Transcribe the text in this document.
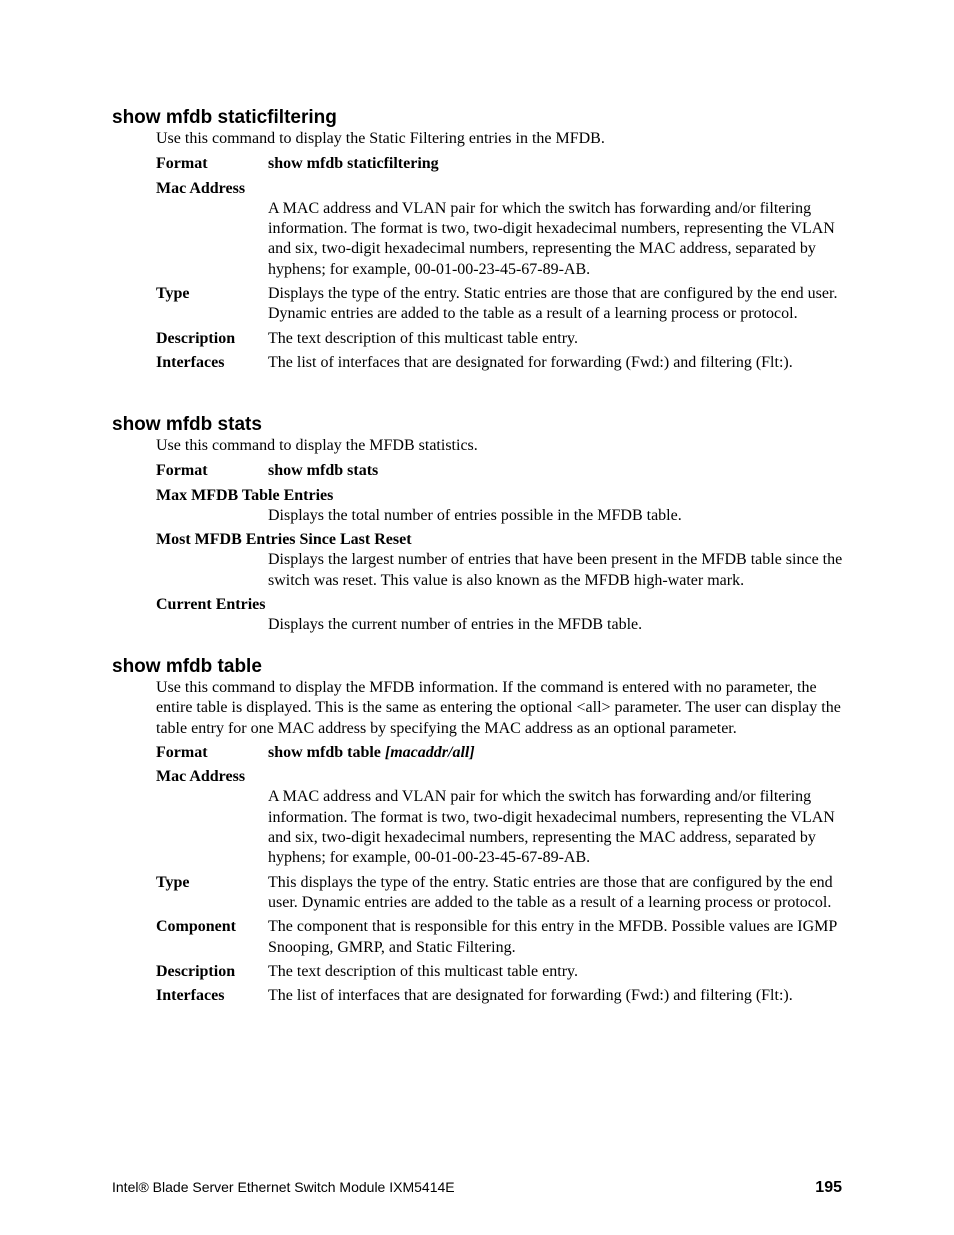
show mfdb staticfiltering

Use this command to display the Static Filtering entries in the MFDB.

Format	show mfdb staticfiltering
Mac Address
A MAC address and VLAN pair for which the switch has forwarding and/or filtering information. The format is two, two-digit hexadecimal numbers, representing the VLAN and six, two-digit hexadecimal numbers, representing the MAC address, separated by hyphens; for example, 00-01-00-23-45-67-89-AB.
Type	Displays the type of the entry. Static entries are those that are configured by the end user. Dynamic entries are added to the table as a result of a learning process or protocol.
Description	The text description of this multicast table entry.
Interfaces	The list of interfaces that are designated for forwarding (Fwd:) and filtering (Flt:).
show mfdb stats

Use this command to display the MFDB statistics.

Format	show mfdb stats
Max MFDB Table Entries
Displays the total number of entries possible in the MFDB table.
Most MFDB Entries Since Last Reset
Displays the largest number of entries that have been present in the MFDB table since the switch was reset. This value is also known as the MFDB high-water mark.
Current Entries
Displays the current number of entries in the MFDB table.
show mfdb table

Use this command to display the MFDB information. If the command is entered with no parameter, the entire table is displayed. This is the same as entering the optional <all> parameter. The user can display the table entry for one MAC address by specifying the MAC address as an optional parameter.

Format	show mfdb table [macaddr/all]
Mac Address
A MAC address and VLAN pair for which the switch has forwarding and/or filtering information. The format is two, two-digit hexadecimal numbers, representing the VLAN and six, two-digit hexadecimal numbers, representing the MAC address, separated by hyphens; for example, 00-01-00-23-45-67-89-AB.
Type	This displays the type of the entry. Static entries are those that are configured by the end user. Dynamic entries are added to the table as a result of a learning process or protocol.
Component	The component that is responsible for this entry in the MFDB. Possible values are IGMP Snooping, GMRP, and Static Filtering.
Description	The text description of this multicast table entry.
Interfaces	The list of interfaces that are designated for forwarding (Fwd:) and filtering (Flt:).
Intel® Blade Server Ethernet Switch Module IXM5414E	195
